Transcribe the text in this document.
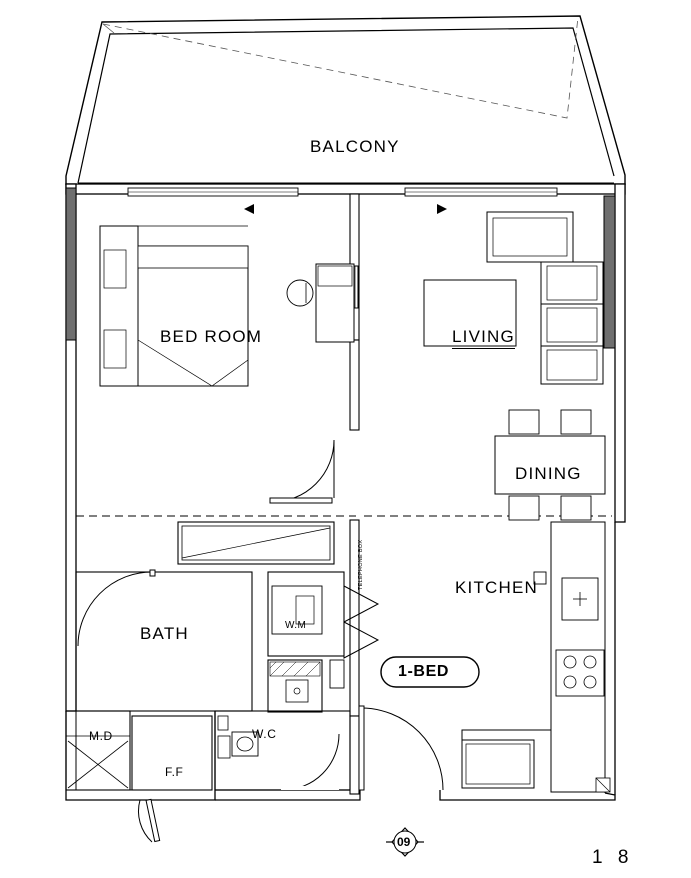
BALCONY
BED ROOM	LIVING
DINING
KITCHEN
BATH
W.C
W.M
M.D
F.F
TELEPHONE BOX
1-BED
09
1 8
